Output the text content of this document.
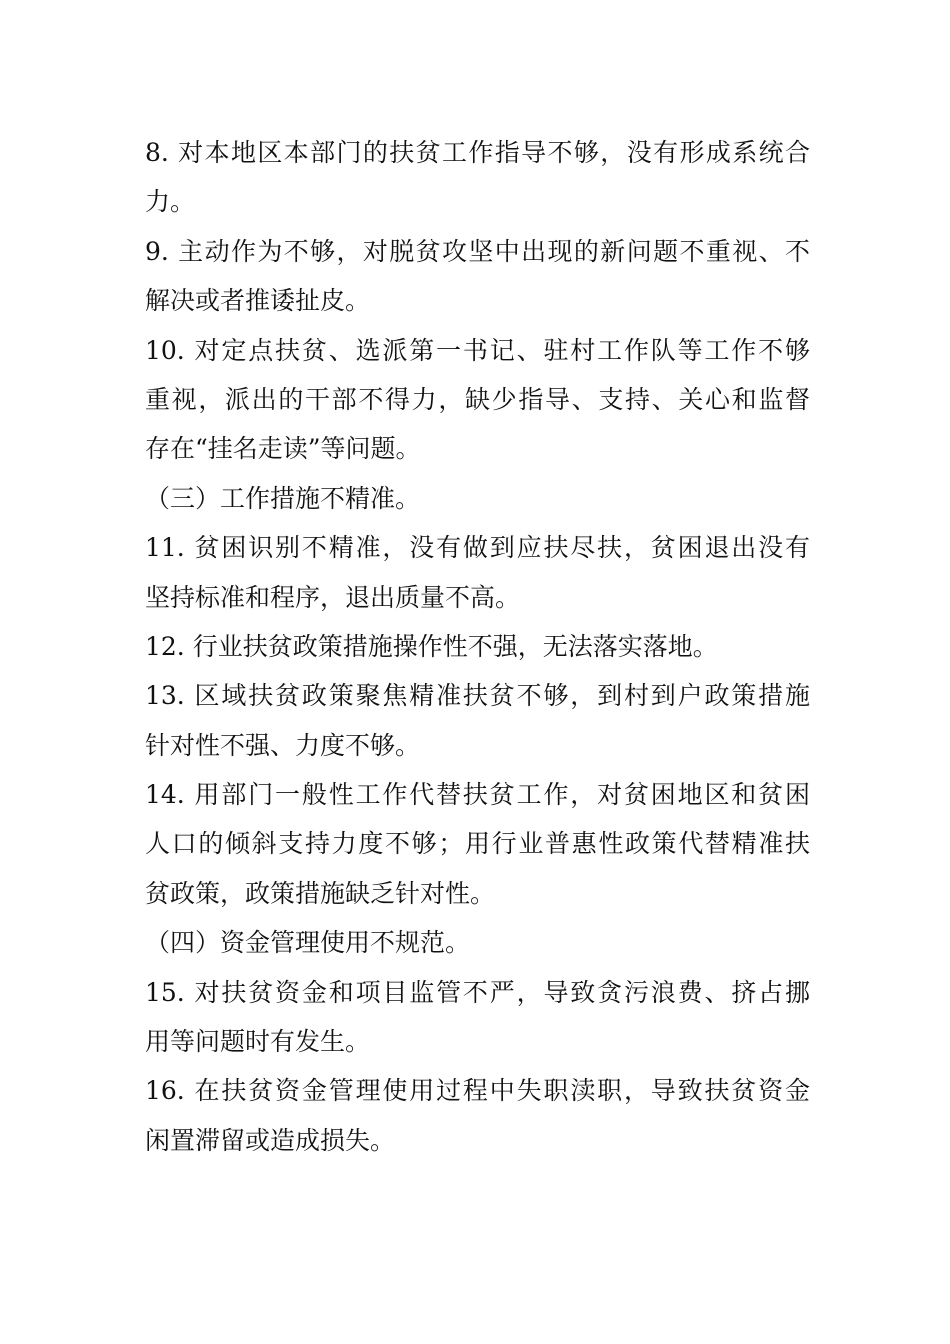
8. 对本地区本部门的扶贫工作指导不够，没有形成系统合
力。
9. 主动作为不够，对脱贫攻坚中出现的新问题不重视、不
解决或者推诿扯皮。
10. 对定点扶贫、选派第一书记、驻村工作队等工作不够
重视，派出的干部不得力，缺少指导、支持、关心和监督
存在“挂名走读”等问题。
（三）工作措施不精准。
11. 贫困识别不精准，没有做到应扶尽扶，贫困退出没有
坚持标准和程序，退出质量不高。
12. 行业扶贫政策措施操作性不强，无法落实落地。
13. 区域扶贫政策聚焦精准扶贫不够，到村到户政策措施
针对性不强、力度不够。
14. 用部门一般性工作代替扶贫工作，对贫困地区和贫困
人口的倾斜支持力度不够；用行业普惠性政策代替精准扶
贫政策，政策措施缺乏针对性。
（四）资金管理使用不规范。
15. 对扶贫资金和项目监管不严，导致贪污浪费、挤占挪
用等问题时有发生。
16. 在扶贫资金管理使用过程中失职渎职，导致扶贫资金
闲置滞留或造成损失。
